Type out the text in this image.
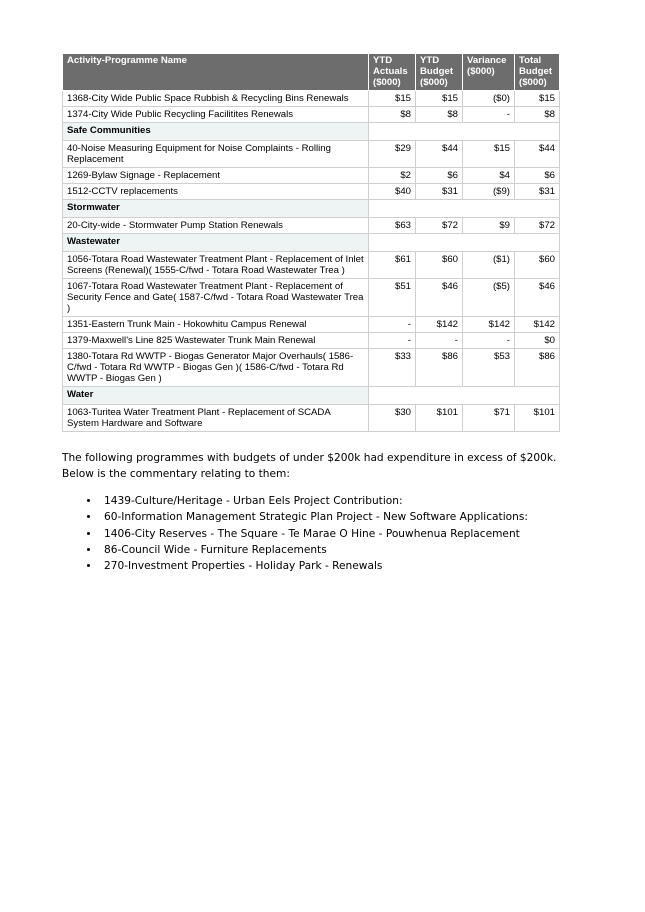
Activity-Programme Name	YTD Actuals ($000)	YTD Budget ($000)	Variance ($000)	Total Budget ($000)
1368-City Wide Public Space Rubbish & Recycling Bins Renewals	$15	$15	($0)	$15
1374-City Wide Public Recycling Facilitites Renewals	$8	$8	-	$8
Safe Communities				
40-Noise Measuring Equipment for Noise Complaints - Rolling Replacement	$29	$44	$15	$44
1269-Bylaw Signage - Replacement	$2	$6	$4	$6
1512-CCTV replacements	$40	$31	($9)	$31
Stormwater				
20-City-wide - Stormwater Pump Station Renewals	$63	$72	$9	$72
Wastewater				
1056-Totara Road Wastewater Treatment Plant - Replacement of Inlet Screens (Renewal)( 1555-C/fwd - Totara Road Wastewater Trea )	$61	$60	($1)	$60
1067-Totara Road Wastewater Treatment Plant - Replacement of Security Fence and Gate( 1587-C/fwd - Totara Road Wastewater Trea )	$51	$46	($5)	$46
1351-Eastern Trunk Main - Hokowhitu Campus Renewal	-	$142	$142	$142
1379-Maxwell's Line 825 Wastewater Trunk Main Renewal	-	-	-	$0
1380-Totara Rd WWTP - Biogas Generator Major Overhauls( 1586-C/fwd - Totara Rd WWTP - Biogas Gen )( 1586-C/fwd - Totara Rd WWTP - Biogas Gen )	$33	$86	$53	$86
Water				
1063-Turitea Water Treatment Plant - Replacement of SCADA System Hardware and Software	$30	$101	$71	$101

The following programmes with budgets of under $200k had expenditure in excess of $200k. Below is the commentary relating to them:

• 1439-Culture/Heritage - Urban Eels Project Contribution:
• 60-Information Management Strategic Plan Project - New Software Applications:
• 1406-City Reserves - The Square - Te Marae O Hine - Pouwhenua Replacement
• 86-Council Wide - Furniture Replacements
• 270-Investment Properties - Holiday Park - Renewals
